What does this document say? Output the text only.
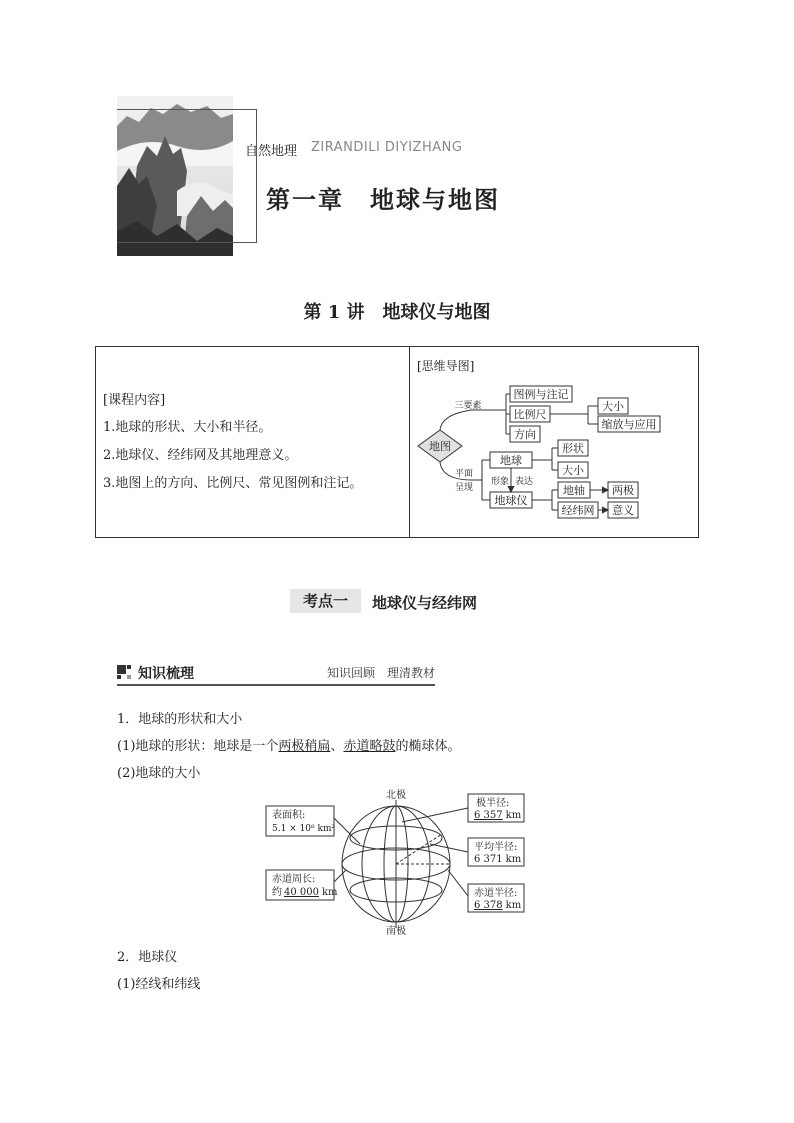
自然地理 ZIRANDILI DIYIZHANG
第一章　地球与地图
第 1 讲　地球仪与地图
[课程内容]
1.地球的形状、大小和半径。
2.地球仪、经纬网及其地理意义。
3.地图上的方向、比例尺、常见图例和注记。
[思维导图]
地图
三要素
平面
呈现
图例与注记
比例尺
方向
大小
缩放与应用
地球
形状
大小
形象 表达
地球仪
地轴
经纬网
两极
意义
考点一	地球仪与经纬网
知识梳理	知识回顾　理清教材
1．地球的形状和大小
(1)地球的形状：地球是一个两极稍扁、赤道略鼓的椭球体。
(2)地球的大小
北极
南极
表面积:
5.1 × 10⁸ km²
赤道周长:
约 40 000 km
极半径:
6 357 km
平均半径:
6 371 km
赤道半径:
6 378 km
2．地球仪
(1)经线和纬线
